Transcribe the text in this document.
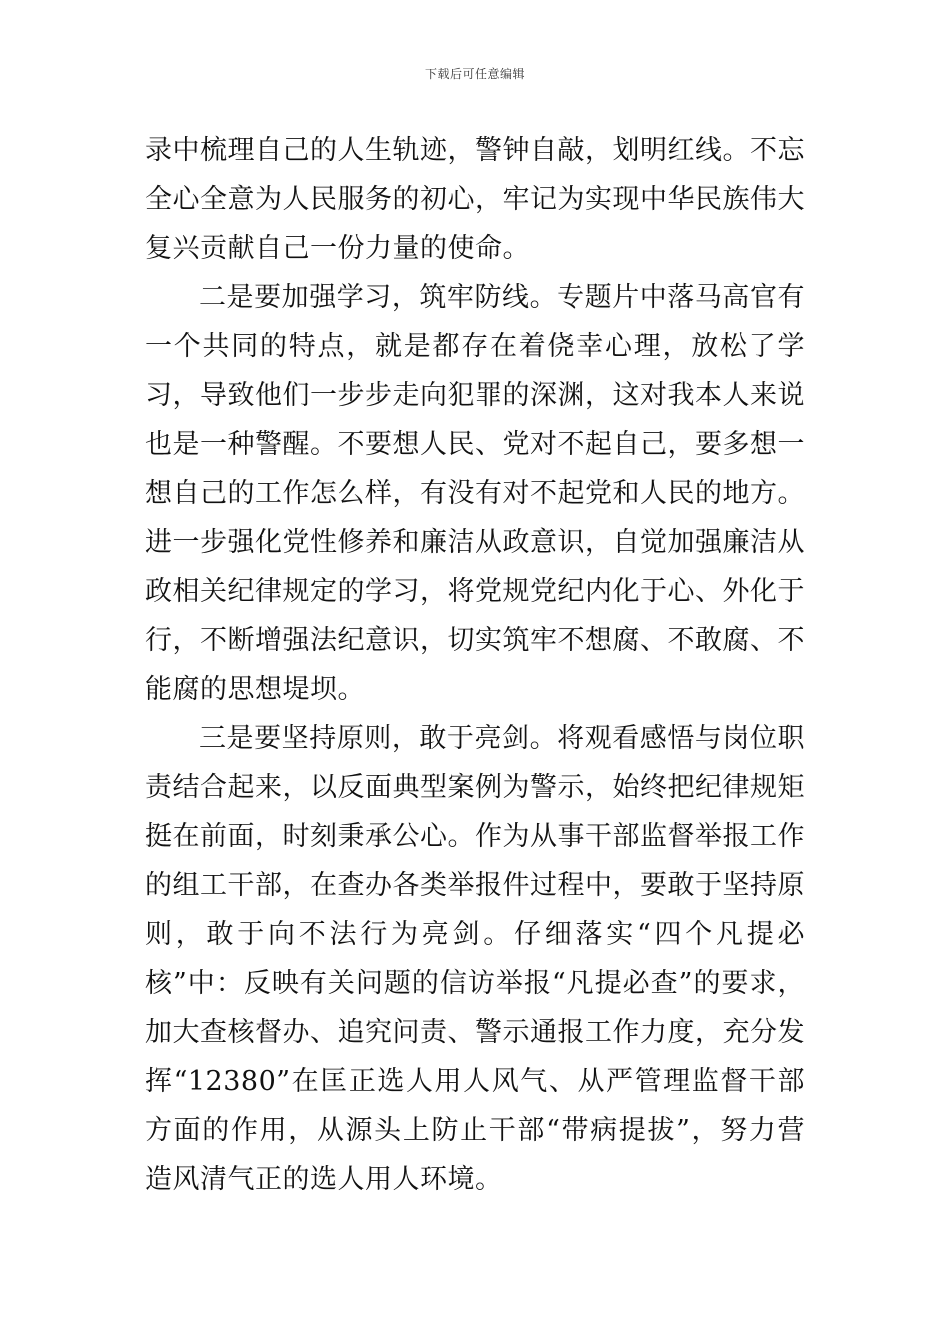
下载后可任意编辑

录中梳理自己的人生轨迹，警钟自敲，划明红线。不忘全心全意为人民服务的初心，牢记为实现中华民族伟大复兴贡献自己一份力量的使命。

二是要加强学习，筑牢防线。专题片中落马高官有一个共同的特点，就是都存在着侥幸心理，放松了学习，导致他们一步步走向犯罪的深渊，这对我本人来说也是一种警醒。不要想人民、党对不起自己，要多想一想自己的工作怎么样，有没有对不起党和人民的地方。进一步强化党性修养和廉洁从政意识，自觉加强廉洁从政相关纪律规定的学习，将党规党纪内化于心、外化于行，不断增强法纪意识，切实筑牢不想腐、不敢腐、不能腐的思想堤坝。

三是要坚持原则，敢于亮剑。将观看感悟与岗位职责结合起来，以反面典型案例为警示，始终把纪律规矩挺在前面，时刻秉承公心。作为从事干部监督举报工作的组工干部，在查办各类举报件过程中，要敢于坚持原则，敢于向不法行为亮剑。仔细落实“四个凡提必核”中：反映有关问题的信访举报“凡提必查”的要求，加大查核督办、追究问责、警示通报工作力度，充分发挥“12380”在匡正选人用人风气、从严管理监督干部方面的作用，从源头上防止干部“带病提拔”，努力营造风清气正的选人用人环境。
